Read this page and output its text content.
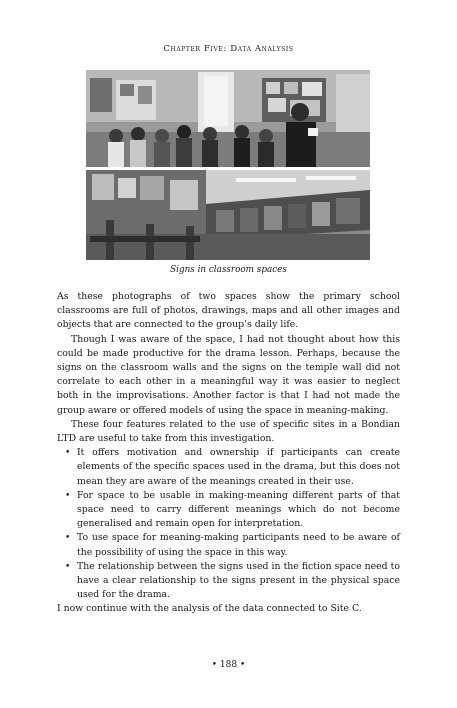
Chapter Five: Data Analysis
Signs in classroom spaces

As these photographs of two spaces show the primary school classrooms are full of photos, drawings, maps and all other images and objects that are connected to the group’s daily life.

Though I was aware of the space, I had not thought about how this could be made productive for the drama lesson. Perhaps, because the signs on the classroom walls and the signs on the temple wall did not correlate to each other in a meaningful way it was easier to neglect both in the improvisations. Another factor is that I had not made the group aware or offered models of using the space in meaning-making.

These four features related to the use of specific sites in a Bondian LTD are useful to take from this investigation.

• It offers motivation and ownership if participants can create elements of the specific spaces used in the drama, but this does not mean they are aware of the meanings created in their use.
• For space to be usable in making-meaning different parts of that space need to carry different meanings which do not become generalised and remain open for interpretation.
• To use space for meaning-making participants need to be aware of the possibility of using the space in this way.
• The relationship between the signs used in the fiction space need to have a clear relationship to the signs present in the physical space used for the drama.

I now continue with the analysis of the data connected to Site C.

• 188 •
